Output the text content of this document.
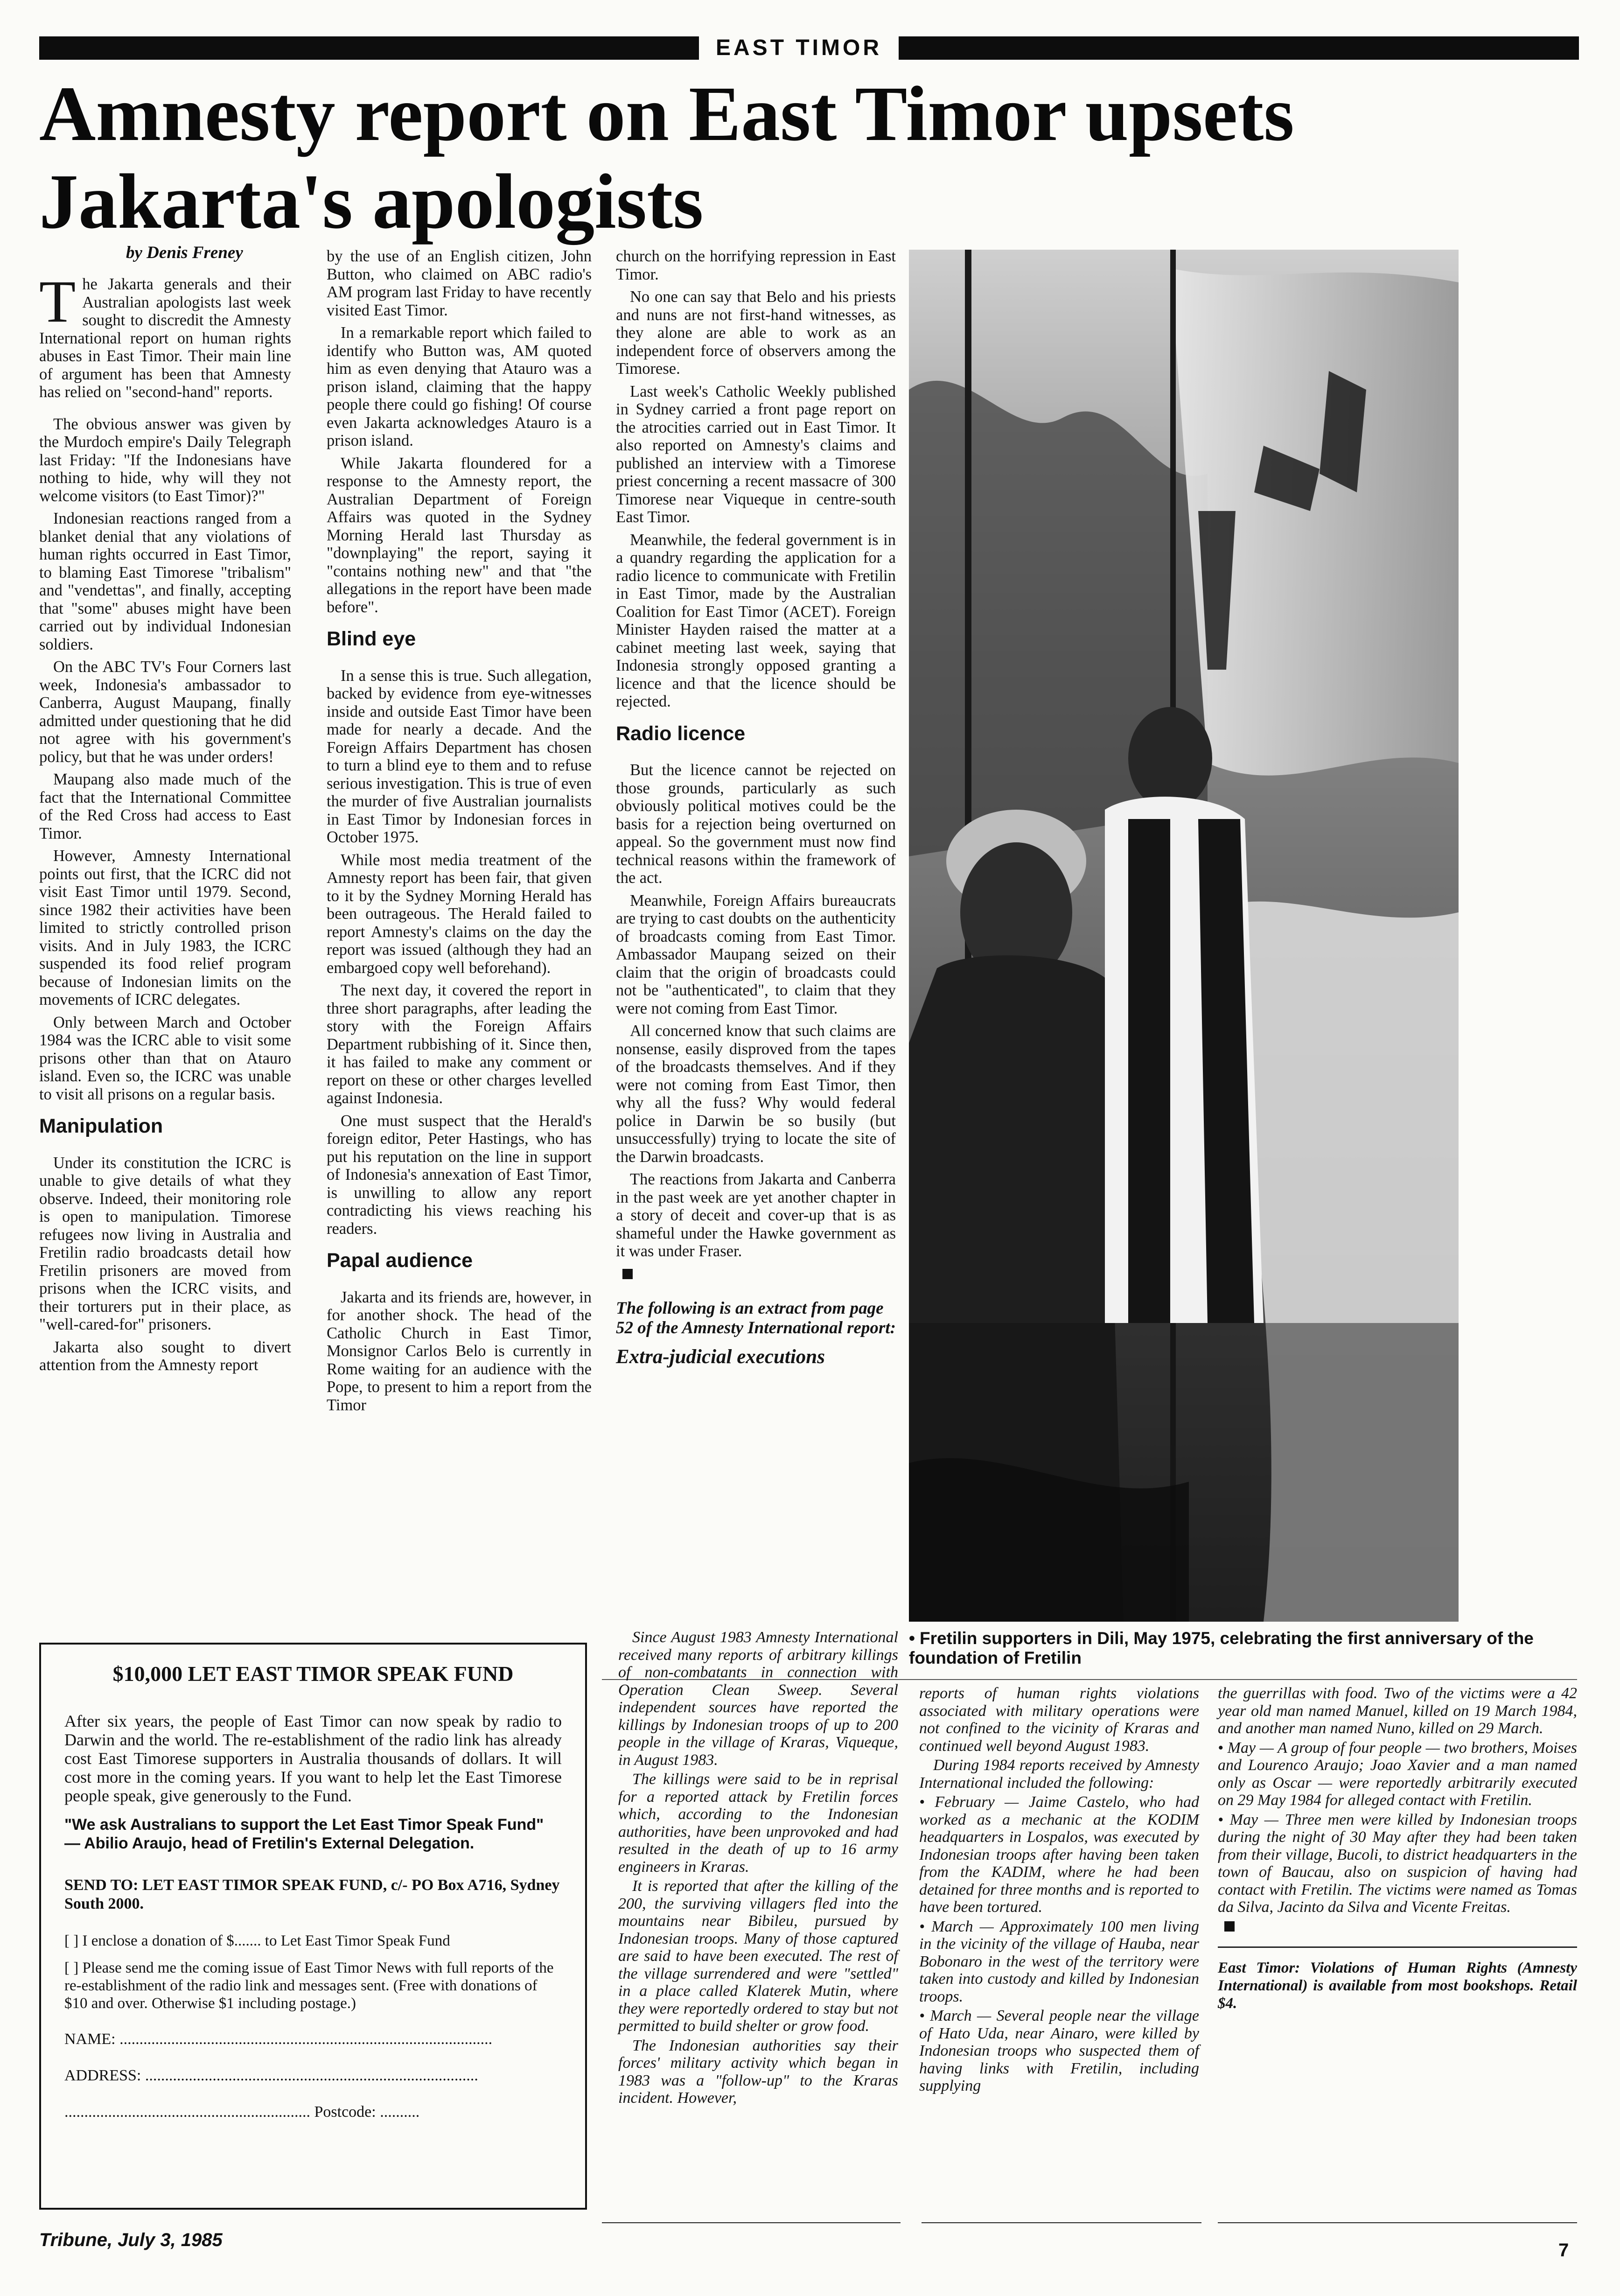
EAST TIMOR
Amnesty report on East Timor upsets Jakarta's apologists
by Denis Freney

The Jakarta generals and their Australian apologists last week sought to discredit the Amnesty International report on human rights abuses in East Timor. Their main line of argument has been that Amnesty has relied on "second-hand" reports.

The obvious answer was given by the Murdoch empire's Daily Telegraph last Friday: "If the Indonesians have nothing to hide, why will they not welcome visitors (to East Timor)?"

Indonesian reactions ranged from a blanket denial that any violations of human rights occurred in East Timor, to blaming East Timorese "tribalism" and "vendettas", and finally, accepting that "some" abuses might have been carried out by individual Indonesian soldiers.

On the ABC TV's Four Corners last week, Indonesia's ambassador to Canberra, August Maupang, finally admitted under questioning that he did not agree with his government's policy, but that he was under orders!

Maupang also made much of the fact that the International Committee of the Red Cross had access to East Timor.

However, Amnesty International points out first, that the ICRC did not visit East Timor until 1979. Second, since 1982 their activities have been limited to strictly controlled prison visits. And in July 1983, the ICRC suspended its food relief program because of Indonesian limits on the movements of ICRC delegates.

Only between March and October 1984 was the ICRC able to visit some prisons other than that on Atauro island. Even so, the ICRC was unable to visit all prisons on a regular basis.

Manipulation

Under its constitution the ICRC is unable to give details of what they observe. Indeed, their monitoring role is open to manipulation. Timorese refugees now living in Australia and Fretilin radio broadcasts detail how Fretilin prisoners are moved from prisons when the ICRC visits, and their torturers put in their place, as "well-cared-for" prisoners.

Jakarta also sought to divert attention from the Amnesty report

by the use of an English citizen, John Button, who claimed on ABC radio's AM program last Friday to have recently visited East Timor.

In a remarkable report which failed to identify who Button was, AM quoted him as even denying that Atauro was a prison island, claiming that the happy people there could go fishing! Of course even Jakarta acknowledges Atauro is a prison island.

While Jakarta floundered for a response to the Amnesty report, the Australian Department of Foreign Affairs was quoted in the Sydney Morning Herald last Thursday as "downplaying" the report, saying it "contains nothing new" and that "the allegations in the report have been made before".

Blind eye

In a sense this is true. Such allegation, backed by evidence from eye-witnesses inside and outside East Timor have been made for nearly a decade. And the Foreign Affairs Department has chosen to turn a blind eye to them and to refuse serious investigation. This is true of even the murder of five Australian journalists in East Timor by Indonesian forces in October 1975.

While most media treatment of the Amnesty report has been fair, that given to it by the Sydney Morning Herald has been outrageous. The Herald failed to report Amnesty's claims on the day the report was issued (although they had an embargoed copy well beforehand).

The next day, it covered the report in three short paragraphs, after leading the story with the Foreign Affairs Department rubbishing of it. Since then, it has failed to make any comment or report on these or other charges levelled against Indonesia.

One must suspect that the Herald's foreign editor, Peter Hastings, who has put his reputation on the line in support of Indonesia's annexation of East Timor, is unwilling to allow any report contradicting his views reaching his readers.

Papal audience

Jakarta and its friends are, however, in for another shock. The head of the Catholic Church in East Timor, Monsignor Carlos Belo is currently in Rome waiting for an audience with the Pope, to present to him a report from the Timor

church on the horrifying repression in East Timor.

No one can say that Belo and his priests and nuns are not first-hand witnesses, as they alone are able to work as an independent force of observers among the Timorese.

Last week's Catholic Weekly published in Sydney carried a front page report on the atrocities carried out in East Timor. It also reported on Amnesty's claims and published an interview with a Timorese priest concerning a recent massacre of 300 Timorese near Viqueque in centre-south East Timor.

Meanwhile, the federal government is in a quandry regarding the application for a radio licence to communicate with Fretilin in East Timor, made by the Australian Coalition for East Timor (ACET). Foreign Minister Hayden raised the matter at a cabinet meeting last week, saying that Indonesia strongly opposed granting a licence and that the licence should be rejected.

Radio licence

But the licence cannot be rejected on those grounds, particularly as such obviously political motives could be the basis for a rejection being overturned on appeal. So the government must now find technical reasons within the framework of the act.

Meanwhile, Foreign Affairs bureaucrats are trying to cast doubts on the authenticity of broadcasts coming from East Timor. Ambassador Maupang seized on their claim that the origin of broadcasts could not be "authenticated", to claim that they were not coming from East Timor.

All concerned know that such claims are nonsense, easily disproved from the tapes of the broadcasts themselves. And if they were not coming from East Timor, then why all the fuss? Why would federal police in Darwin be so busily (but unsuccessfully) trying to locate the site of the Darwin broadcasts.

The reactions from Jakarta and Canberra in the past week are yet another chapter in a story of deceit and cover-up that is as shameful under the Hawke government as it was under Fraser.

The following is an extract from page 52 of the Amnesty International report:
Extra-judicial executions
• Fretilin supporters in Dili, May 1975, celebrating the first anniversary of the foundation of Fretilin
$10,000 LET EAST TIMOR SPEAK FUND

After six years, the people of East Timor can now speak by radio to Darwin and the world. The re-establishment of the radio link has already cost East Timorese supporters in Australia thousands of dollars. It will cost more in the coming years. If you want to help let the East Timorese people speak, give generously to the Fund.

"We ask Australians to support the Let East Timor Speak Fund" — Abilio Araujo, head of Fretilin's External Delegation.

SEND TO: LET EAST TIMOR SPEAK FUND, c/- PO Box A716, Sydney South 2000.

[ ] I enclose a donation of $....... to Let East Timor Speak Fund

[ ] Please send me the coming issue of East Timor News with full reports of the re-establishment of the radio link and messages sent. (Free with donations of $10 and over. Otherwise $1 including postage.)

NAME: ..............................................................................................
ADDRESS: ....................................................................................
.............................................................. Postcode: ..........

Since August 1983 Amnesty International received many reports of arbitrary killings of non-combatants in connection with Operation Clean Sweep. Several independent sources have reported the killings by Indonesian troops of up to 200 people in the village of Kraras, Viqueque, in August 1983.

The killings were said to be in reprisal for a reported attack by Fretilin forces which, according to the Indonesian authorities, have been unprovoked and had resulted in the death of up to 16 army engineers in Kraras.

It is reported that after the killing of the 200, the surviving villagers fled into the mountains near Bibileu, pursued by Indonesian troops. Many of those captured are said to have been executed. The rest of the village surrendered and were "settled" in a place called Klaterek Mutin, where they were reportedly ordered to stay but not permitted to build shelter or grow food.

The Indonesian authorities say their forces' military activity which began in 1983 was a "follow-up" to the Kraras incident. However,

reports of human rights violations associated with military operations were not confined to the vicinity of Kraras and continued well beyond August 1983.

During 1984 reports received by Amnesty International included the following:

• February — Jaime Castelo, who had worked as a mechanic at the KODIM headquarters in Lospalos, was executed by Indonesian troops after having been taken from the KADIM, where he had been detained for three months and is reported to have been tortured.

• March — Approximately 100 men living in the vicinity of the village of Hauba, near Bobonaro in the west of the territory were taken into custody and killed by Indonesian troops.

• March — Several people near the village of Hato Uda, near Ainaro, were killed by Indonesian troops who suspected them of having links with Fretilin, including supplying

the guerrillas with food. Two of the victims were a 42 year old man named Manuel, killed on 19 March 1984, and another man named Nuno, killed on 29 March.

• May — A group of four people — two brothers, Moises and Lourenco Araujo; Joao Xavier and a man named only as Oscar — were reportedly arbitrarily executed on 29 May 1984 for alleged contact with Fretilin.

• May — Three men were killed by Indonesian troops during the night of 30 May after they had been taken from their village, Bucoli, to district headquarters in the town of Baucau, also on suspicion of having had contact with Fretilin. The victims were named as Tomas da Silva, Jacinto da Silva and Vicente Freitas.

East Timor: Violations of Human Rights (Amnesty International) is available from most bookshops. Retail $4.
Tribune, July 3, 1985	7
